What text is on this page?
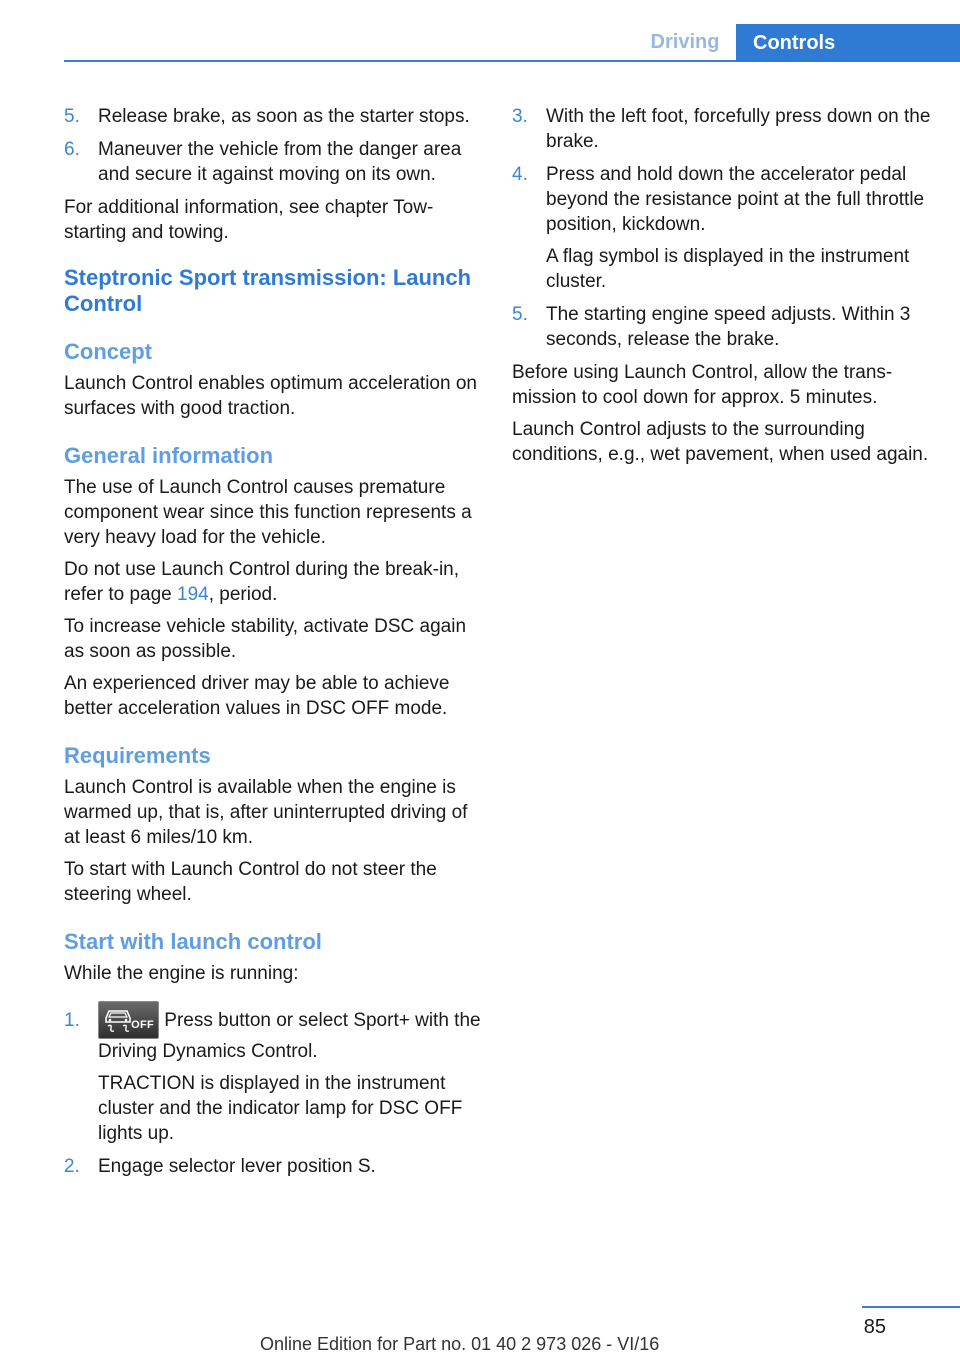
Driving	Controls
5. Release brake, as soon as the starter stops.
6. Maneuver the vehicle from the danger area and secure it against moving on its own.

For additional information, see chapter Tow-starting and towing.

Steptronic Sport transmission: Launch Control
Concept

Launch Control enables optimum acceleration on surfaces with good traction.

General information

The use of Launch Control causes premature component wear since this function represents a very heavy load for the vehicle.

Do not use Launch Control during the break-in, refer to page 194, period.

To increase vehicle stability, activate DSC again as soon as possible.

An experienced driver may be able to achieve better acceleration values in DSC OFF mode.

Requirements

Launch Control is available when the engine is warmed up, that is, after uninterrupted driving of at least 6 miles/10 km.

To start with Launch Control do not steer the steering wheel.

Start with launch control

While the engine is running:

1.	OFF Press button or select Sport+ with the Driving Dynamics Control.
TRACTION is displayed in the instrument cluster and the indicator lamp for DSC OFF lights up.
2. Engage selector lever position S.
3. With the left foot, forcefully press down on the brake.
4. Press and hold down the accelerator pedal beyond the resistance point at the full throttle position, kickdown.
A flag symbol is displayed in the instrument cluster.
5. The starting engine speed adjusts. Within 3 seconds, release the brake.

Before using Launch Control, allow the transmission to cool down for approx. 5 minutes.

Launch Control adjusts to the surrounding conditions, e.g., wet pavement, when used again.

85
Online Edition for Part no. 01 40 2 973 026 - VI/16
